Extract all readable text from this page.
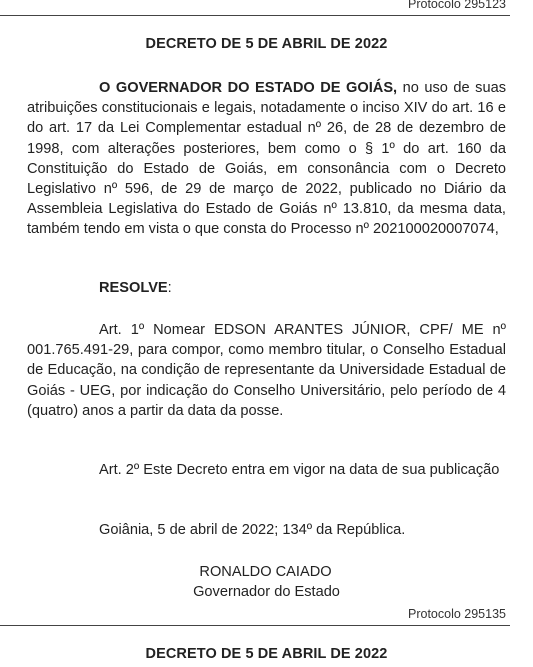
Protocolo 295123
DECRETO DE 5 DE ABRIL DE 2022
O GOVERNADOR DO ESTADO DE GOIÁS, no uso de suas atribuições constitucionais e legais, notadamente o inciso XIV do art. 16 e do art. 17 da Lei Complementar estadual nº 26, de 28 de dezembro de 1998, com alterações posteriores, bem como o § 1º do art. 160 da Constituição do Estado de Goiás, em consonância com o Decreto Legislativo nº 596, de 29 de março de 2022, publicado no Diário da Assembleia Legislativa do Estado de Goiás nº 13.810, da mesma data, também tendo em vista o que consta do Processo nº 202100020007074,
RESOLVE:
Art. 1º Nomear EDSON ARANTES JÚNIOR, CPF/ ME nº 001.765.491-29, para compor, como membro titular, o Conselho Estadual de Educação, na condição de representante da Universidade Estadual de Goiás - UEG, por indicação do Conselho Universitário, pelo período de 4 (quatro) anos a partir da data da posse.
Art. 2º Este Decreto entra em vigor na data de sua publicação
Goiânia, 5 de abril de 2022; 134º da República.
RONALDO CAIADO
Governador do Estado
Protocolo 295135
DECRETO DE 5 DE ABRIL DE 2022
